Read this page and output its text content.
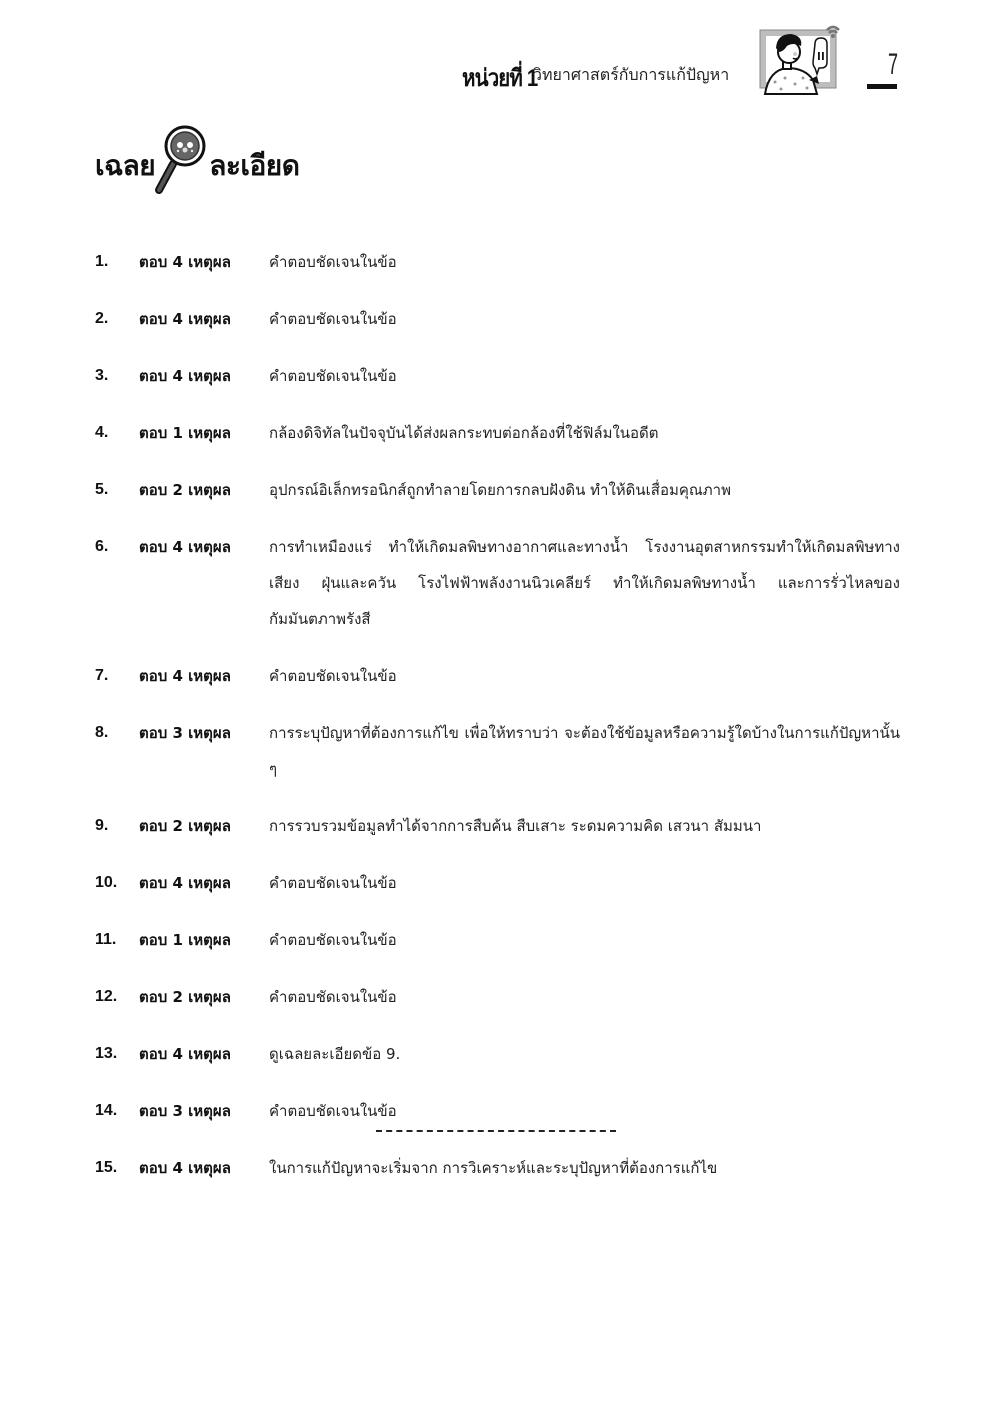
หน่วยที่ 1
วิทยาศาสตร์กับการแก้ปัญหา	7
เฉลย ละเอียด
1.	ตอบ 4 เหตุผล	คำตอบชัดเจนในข้อ
2.	ตอบ 4 เหตุผล	คำตอบชัดเจนในข้อ
3.	ตอบ 4 เหตุผล	คำตอบชัดเจนในข้อ
4.	ตอบ 1 เหตุผล	กล้องดิจิทัลในปัจจุบันได้ส่งผลกระทบต่อกล้องที่ใช้ฟิล์มในอดีต
5.	ตอบ 2 เหตุผล	อุปกรณ์อิเล็กทรอนิกส์ถูกทำลายโดยการกลบฝังดิน ทำให้ดินเสื่อมคุณภาพ
6.	ตอบ 4 เหตุผล	การทำเหมืองแร่ ทำให้เกิดมลพิษทางอากาศและทางน้ำ โรงงานอุตสาหกรรมทำให้เกิดมลพิษทางเสียง ฝุ่นและควัน โรงไฟฟ้าพลังงานนิวเคลียร์ ทำให้เกิดมลพิษทางน้ำ และการรั่วไหลของกัมมันตภาพรังสี
7.	ตอบ 4 เหตุผล	คำตอบชัดเจนในข้อ
8.	ตอบ 3 เหตุผล	การระบุปัญหาที่ต้องการแก้ไข เพื่อให้ทราบว่า จะต้องใช้ข้อมูลหรือความรู้ใดบ้างในการแก้ปัญหานั้น ๆ
9.	ตอบ 2 เหตุผล	การรวบรวมข้อมูลทำได้จากการสืบค้น สืบเสาะ ระดมความคิด เสวนา สัมมนา
10.	ตอบ 4 เหตุผล	คำตอบชัดเจนในข้อ
11.	ตอบ 1 เหตุผล	คำตอบชัดเจนในข้อ
12.	ตอบ 2 เหตุผล	คำตอบชัดเจนในข้อ
13.	ตอบ 4 เหตุผล	ดูเฉลยละเอียดข้อ 9.
14.	ตอบ 3 เหตุผล	คำตอบชัดเจนในข้อ
15.	ตอบ 4 เหตุผล	ในการแก้ปัญหาจะเริ่มจาก การวิเคราะห์และระบุปัญหาที่ต้องการแก้ไข
